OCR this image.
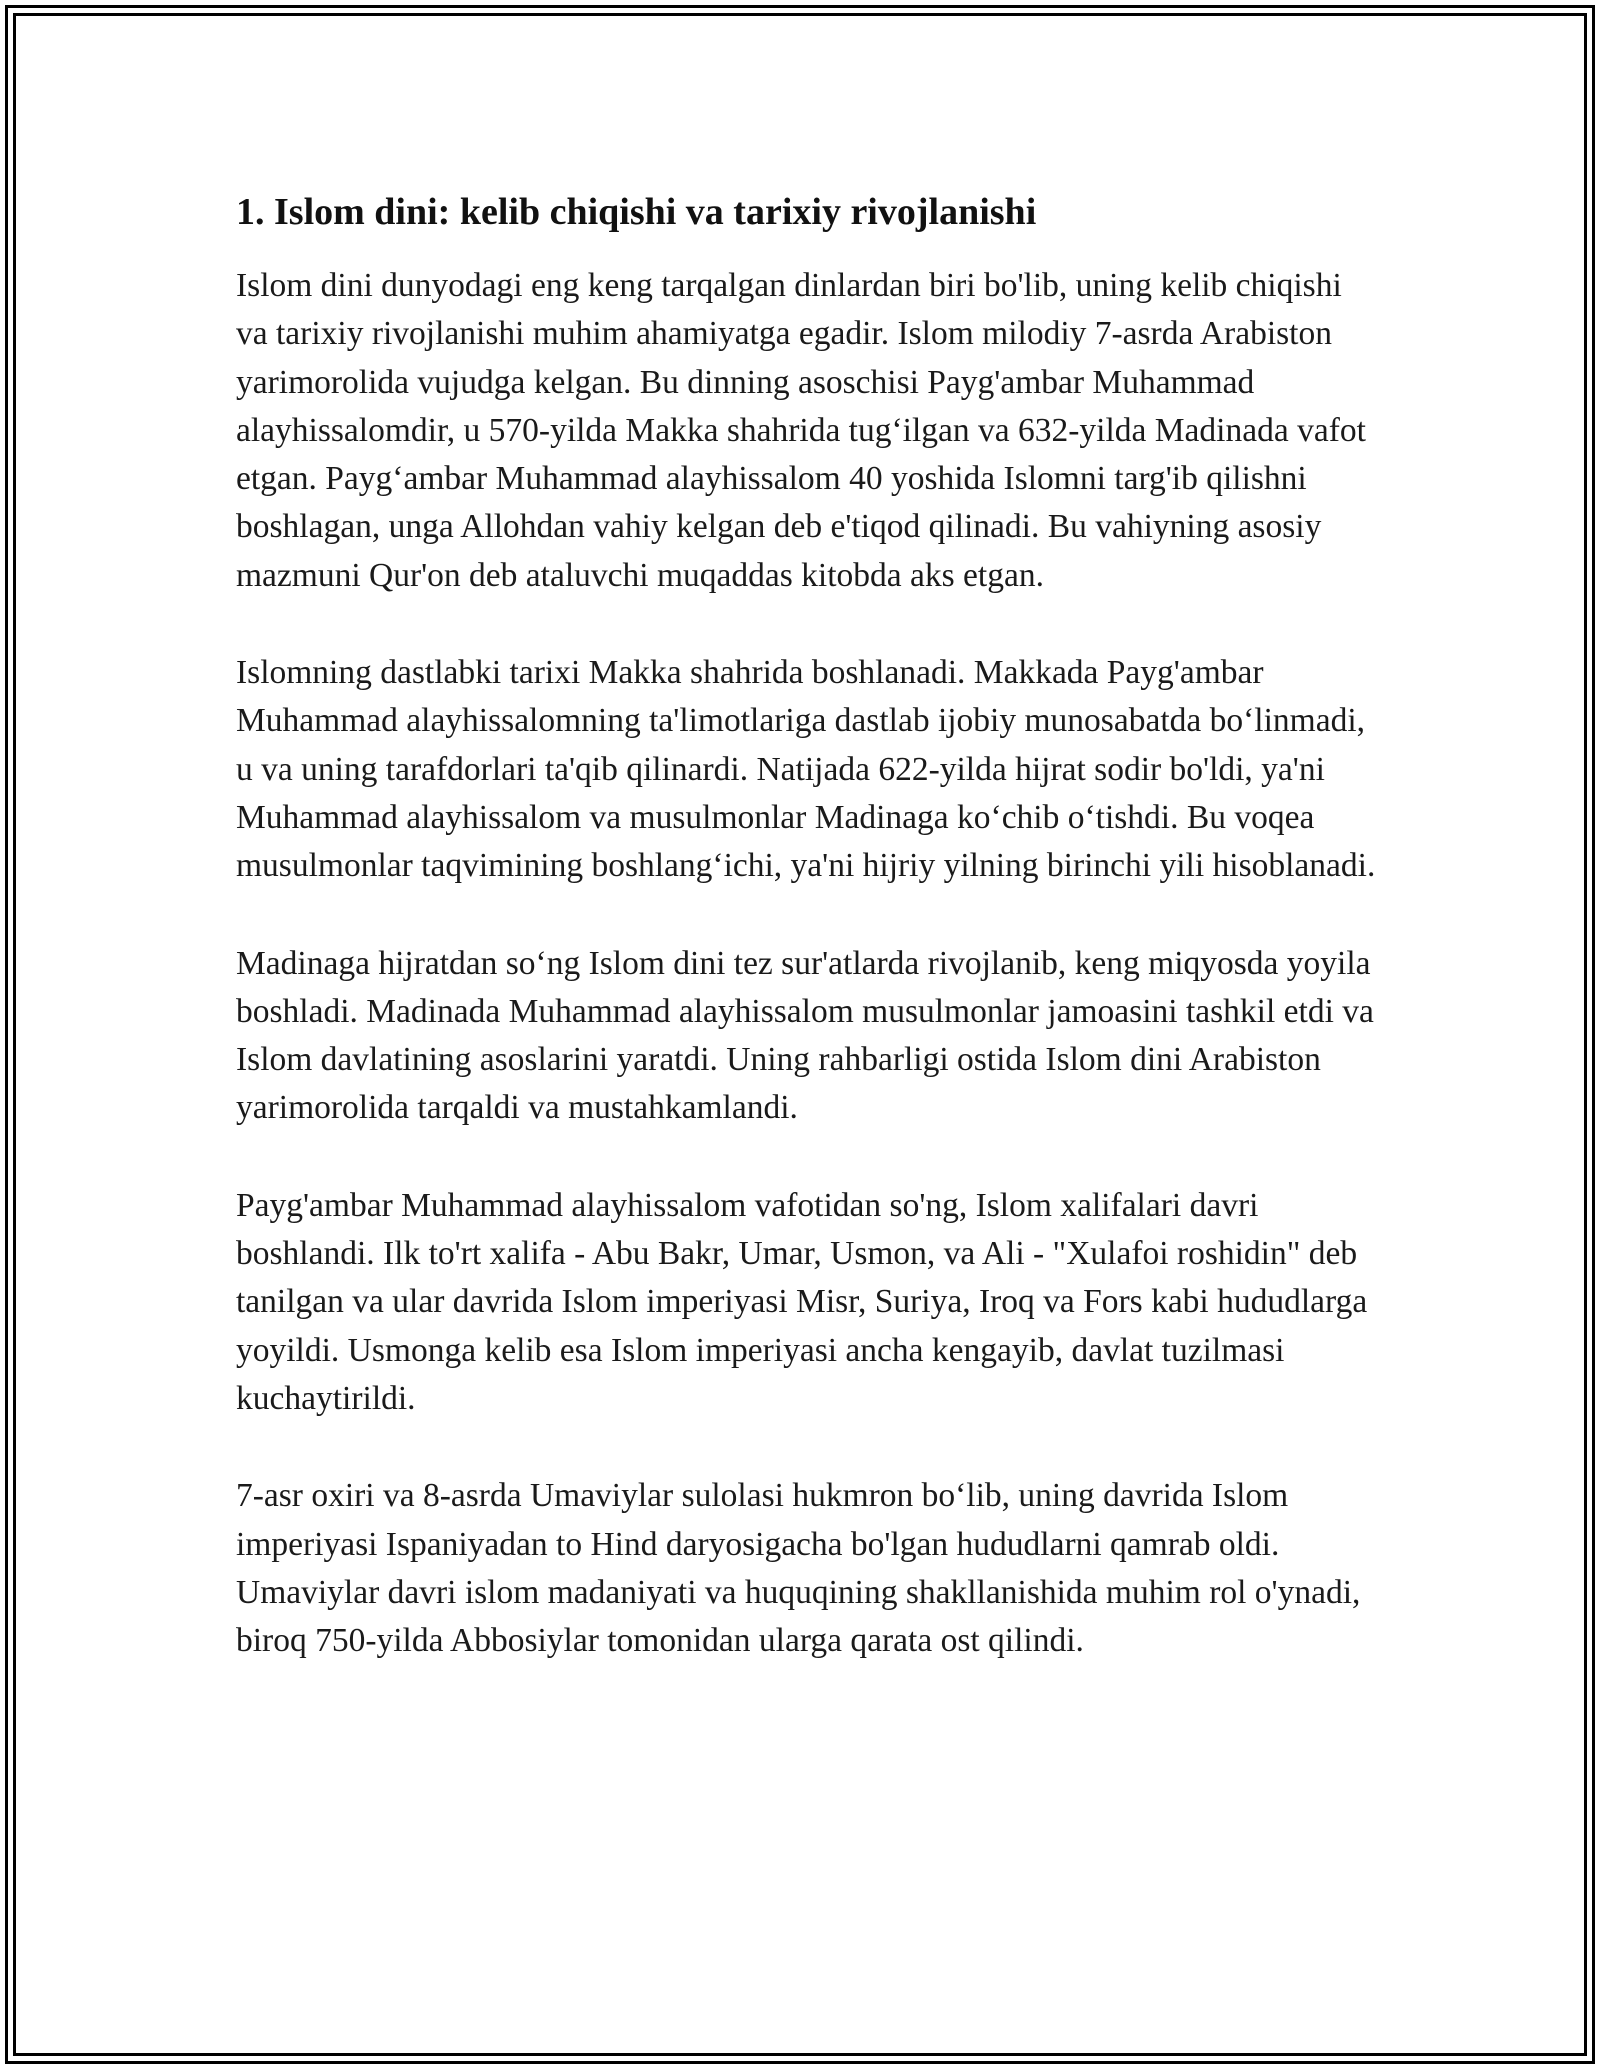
1. Islom dini: kelib chiqishi va tarixiy rivojlanishi

Islom dini dunyodagi eng keng tarqalgan dinlardan biri bo'lib, uning kelib chiqishi va tarixiy rivojlanishi muhim ahamiyatga egadir. Islom milodiy 7-asrda Arabiston yarimorolida vujudga kelgan. Bu dinning asoschisi Payg'ambar Muhammad alayhissalomdir, u 570-yilda Makka shahrida tug‘ilgan va 632-yilda Madinada vafot etgan. Payg‘ambar Muhammad alayhissalom 40 yoshida Islomni targ'ib qilishni boshlagan, unga Allohdan vahiy kelgan deb e'tiqod qilinadi. Bu vahiyning asosiy mazmuni Qur'on deb ataluvchi muqaddas kitobda aks etgan.

Islomning dastlabki tarixi Makka shahrida boshlanadi. Makkada Payg'ambar Muhammad alayhissalomning ta'limotlariga dastlab ijobiy munosabatda bo‘linmadi, u va uning tarafdorlari ta'qib qilinardi. Natijada 622-yilda hijrat sodir bo'ldi, ya'ni Muhammad alayhissalom va musulmonlar Madinaga ko‘chib o‘tishdi. Bu voqea musulmonlar taqvimining boshlang‘ichi, ya'ni hijriy yilning birinchi yili hisoblanadi.

Madinaga hijratdan so‘ng Islom dini tez sur'atlarda rivojlanib, keng miqyosda yoyila boshladi. Madinada Muhammad alayhissalom musulmonlar jamoasini tashkil etdi va Islom davlatining asoslarini yaratdi. Uning rahbarligi ostida Islom dini Arabiston yarimorolida tarqaldi va mustahkamlandi.

Payg'ambar Muhammad alayhissalom vafotidan so'ng, Islom xalifalari davri boshlandi. Ilk to'rt xalifa - Abu Bakr, Umar, Usmon, va Ali - "Xulafoi roshidin" deb tanilgan va ular davrida Islom imperiyasi Misr, Suriya, Iroq va Fors kabi hududlarga yoyildi. Usmonga kelib esa Islom imperiyasi ancha kengayib, davlat tuzilmasi kuchaytirildi.

7-asr oxiri va 8-asrda Umaviylar sulolasi hukmron bo‘lib, uning davrida Islom imperiyasi Ispaniyadan to Hind daryosigacha bo'lgan hududlarni qamrab oldi. Umaviylar davri islom madaniyati va huquqining shakllanishida muhim rol o'ynadi, biroq 750-yilda Abbosiylar tomonidan ularga qarata ost qilindi.
